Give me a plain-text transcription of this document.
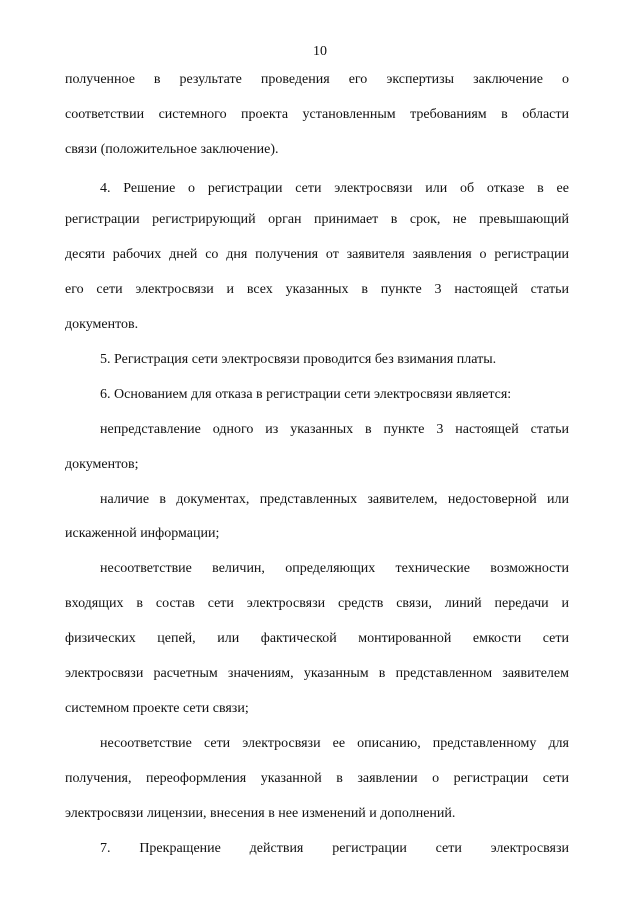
10
полученное в результате проведения его экспертизы заключение о
соответствии системного проекта установленным требованиям в области
связи (положительное заключение).
4. Решение о регистрации сети электросвязи или об отказе в ее
регистрации регистрирующий орган принимает в срок, не превышающий
десяти рабочих дней со дня получения от заявителя заявления о регистрации
его сети электросвязи и всех указанных в пункте 3 настоящей статьи
документов.
5. Регистрация сети электросвязи проводится без взимания платы.
6. Основанием для отказа в регистрации сети электросвязи является:
непредставление одного из указанных в пункте 3 настоящей статьи
документов;
наличие в документах, представленных заявителем, недостоверной или
искаженной информации;
несоответствие величин, определяющих технические возможности
входящих в состав сети электросвязи средств связи, линий передачи и
физических цепей, или фактической монтированной емкости сети
электросвязи расчетным значениям, указанным в представленном заявителем
системном проекте сети связи;
несоответствие сети электросвязи ее описанию, представленному для
получения, переоформления указанной в заявлении о регистрации сети
электросвязи лицензии, внесения в нее изменений и дополнений.
7. Прекращение действия регистрации сети электросвязи
